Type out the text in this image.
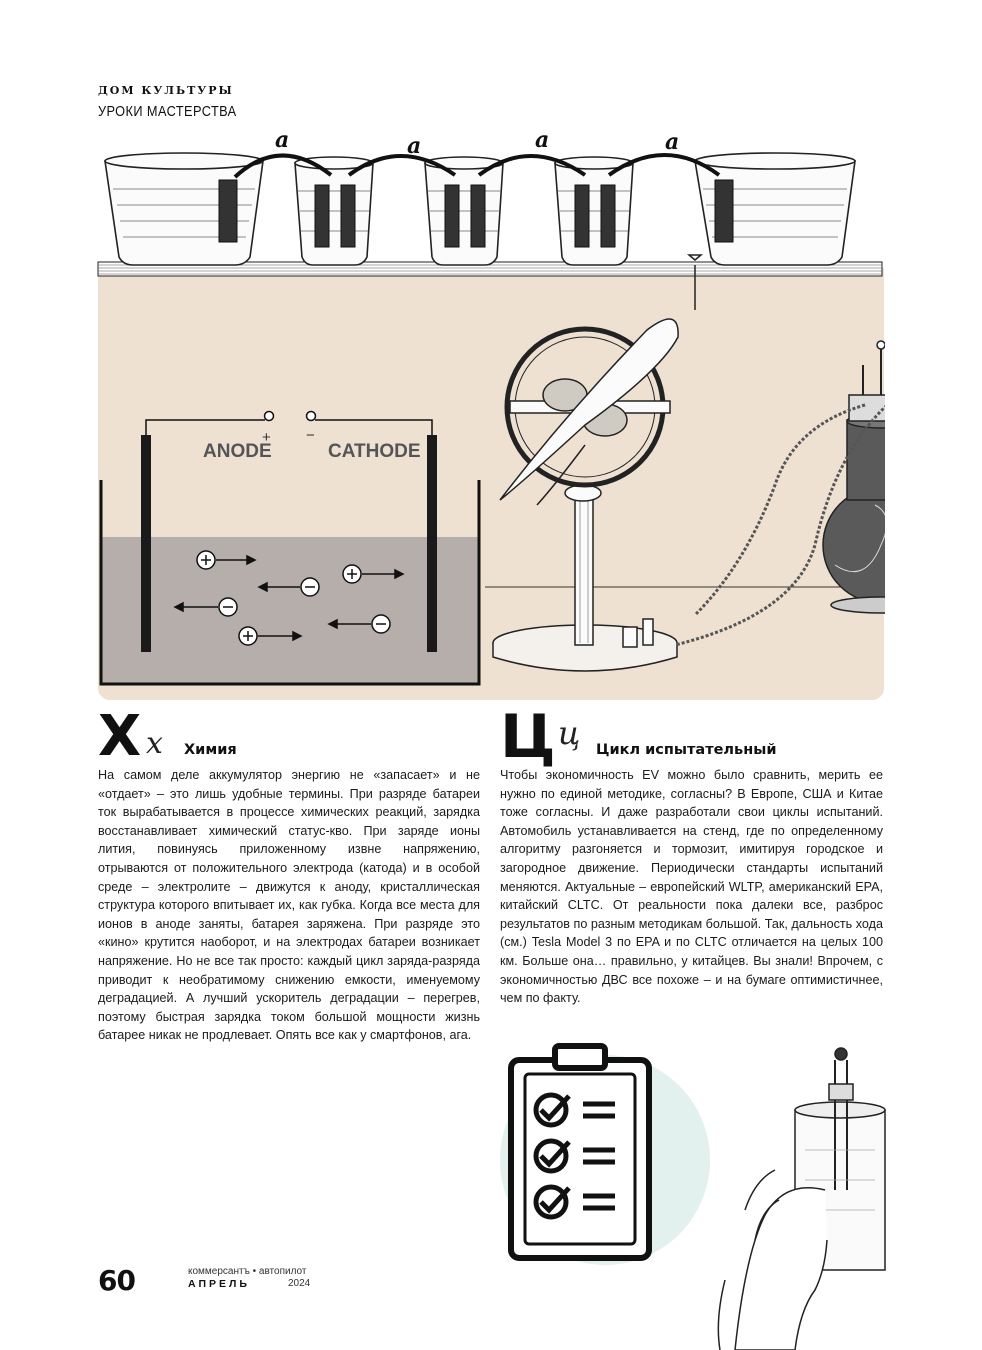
ДОМ КУЛЬТУРЫ
УРОКИ МАСТЕРСТВА
a	a	a	a
+ −
ANODE	CATHODE
Х х Химия
На самом деле аккумулятор энергию не «запасает» и не «отдает» – это лишь удобные термины. При разряде батареи ток вырабатывается в процессе химических реакций, зарядка восстанавливает химический статус-кво. При заряде ионы лития, повинуясь приложенному извне напряжению, отрываются от положительного электрода (катода) и в особой среде – электролите – движутся к аноду, кристаллическая структура которого впитывает их, как губка. Когда все места для ионов в аноде заняты, батарея заряжена. При разряде это «кино» крутится наоборот, и на электродах батареи возникает напряжение. Но не все так просто: каждый цикл заряда-разряда приводит к необратимому снижению емкости, именуемому деградацией. А лучший ускоритель деградации – перегрев, поэтому быстрая зарядка током большой мощности жизнь батарее никак не продлевает. Опять все как у смартфонов, ага.
Ц ц Цикл испытательный
Чтобы экономичность EV можно было сравнить, мерить ее нужно по единой методике, согласны? В Европе, США и Китае тоже согласны. И даже разработали свои циклы испытаний. Автомобиль устанавливается на стенд, где по определенному алгоритму разгоняется и тормозит, имитируя городское и загородное движение. Периодически стандарты испытаний меняются. Актуальные – европейский WLTP, американский EPA, китайский CLTC. От реальности пока далеки все, разброс результатов по разным методикам большой. Так, дальность хода (см.) Tesla Model 3 по EPA и по CLTC отличается на целых 100 км. Больше она… правильно, у китайцев. Вы знали! Впрочем, с экономичностью ДВС все похоже – и на бумаге оптимистичнее, чем по факту.
60	коммерсантъ • автопилот
АПРЕЛЬ	2024
